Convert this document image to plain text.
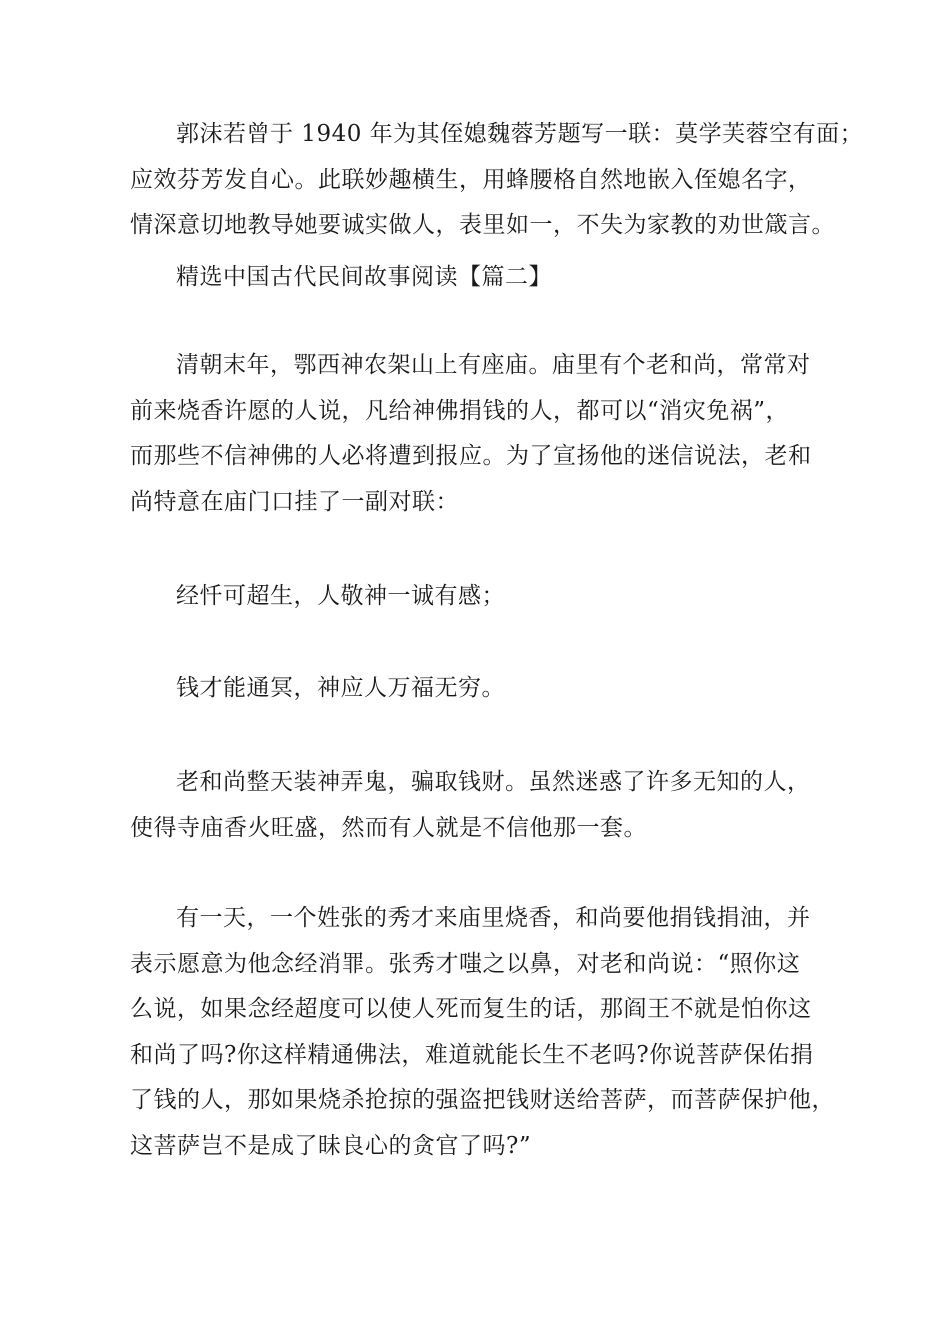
郭沫若曾于 1940 年为其侄媳魏蓉芳题写一联：莫学芙蓉空有面；
应效芬芳发自心。此联妙趣横生，用蜂腰格自然地嵌入侄媳名字，
情深意切地教导她要诚实做人，表里如一，不失为家教的劝世箴言。

精选中国古代民间故事阅读【篇二】

清朝末年，鄂西神农架山上有座庙。庙里有个老和尚，常常对
前来烧香许愿的人说，凡给神佛捐钱的人，都可以“消灾免祸”，
而那些不信神佛的人必将遭到报应。为了宣扬他的迷信说法，老和
尚特意在庙门口挂了一副对联：

经忏可超生，人敬神一诚有感；

钱才能通冥，神应人万福无穷。

老和尚整天装神弄鬼，骗取钱财。虽然迷惑了许多无知的人，
使得寺庙香火旺盛，然而有人就是不信他那一套。

有一天，一个姓张的秀才来庙里烧香，和尚要他捐钱捐油，并
表示愿意为他念经消罪。张秀才嗤之以鼻，对老和尚说：“照你这
么说，如果念经超度可以使人死而复生的话，那阎王不就是怕你这
和尚了吗?你这样精通佛法，难道就能长生不老吗?你说菩萨保佑捐
了钱的人，那如果烧杀抢掠的强盗把钱财送给菩萨，而菩萨保护他，
这菩萨岂不是成了昧良心的贪官了吗?”
